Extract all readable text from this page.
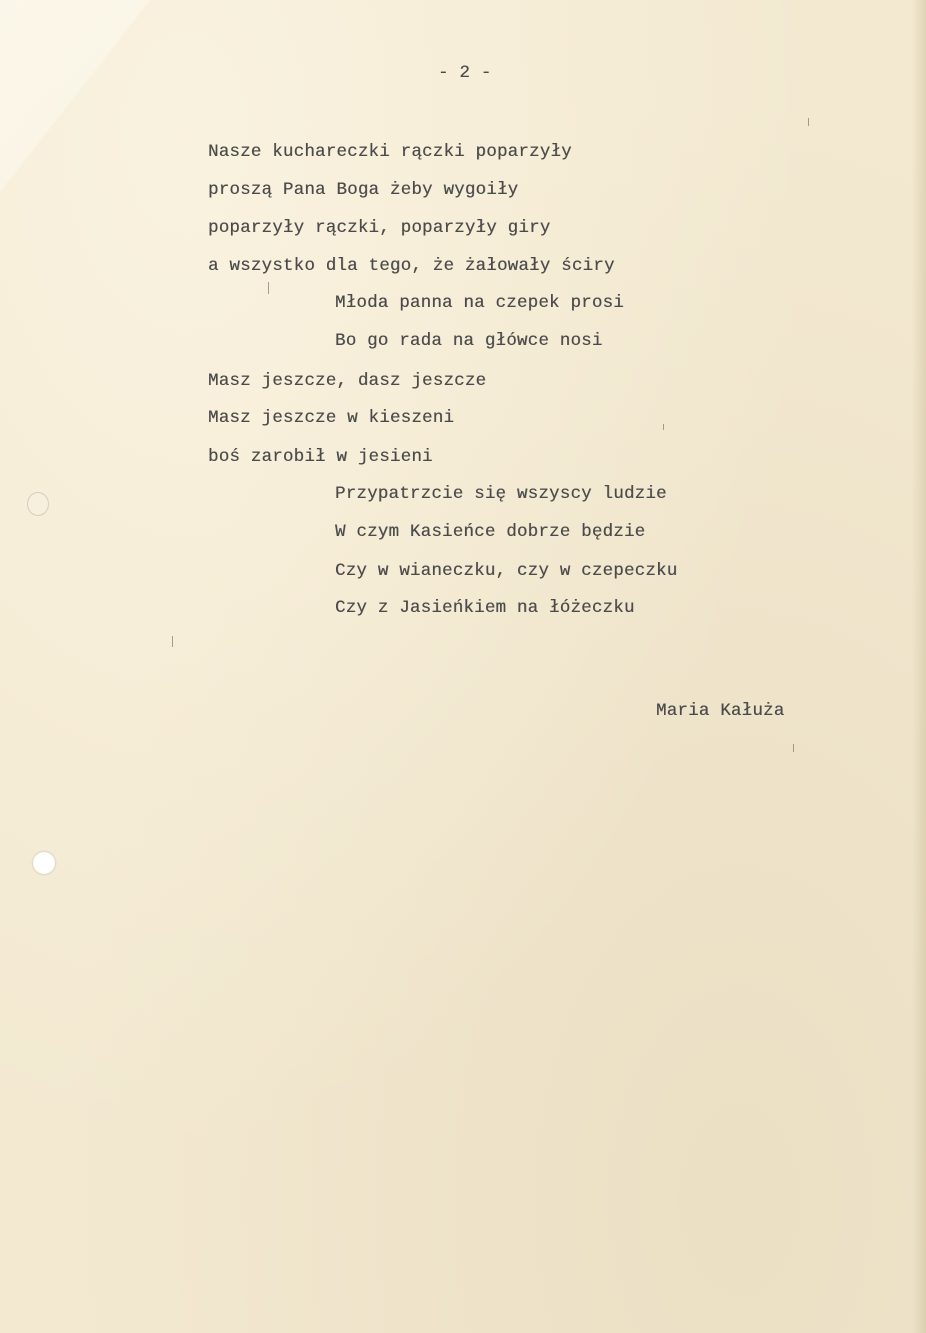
- 2 -

Nasze kuchareczki rączki poparzyły

proszą Pana Boga żeby wygoiły

poparzyły rączki, poparzyły giry

a wszystko dla tego, że żałowały ściry

Młoda panna na czepek prosi

Bo go rada na główce nosi

Masz jeszcze, dasz jeszcze

Masz jeszcze w kieszeni

boś zarobił w jesieni

Przypatrzcie się wszyscy ludzie

W czym Kasieńce dobrze będzie

Czy w wianeczku, czy w czepeczku

Czy z Jasieńkiem na łóżeczku

Maria Kałuża
